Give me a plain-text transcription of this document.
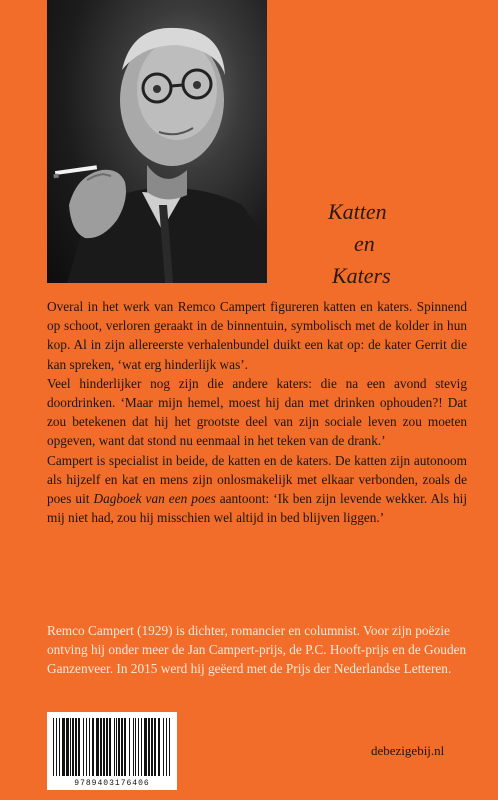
Katten
en
Katers

Overal in het werk van Remco Campert figureren katten en katers. Spinnend op schoot, verloren geraakt in de binnentuin, symbolisch met de kolder in hun kop. Al in zijn allereerste verhalenbundel duikt een kat op: de kater Gerrit die kan spreken, ‘wat erg hinderlijk was’.

Veel hinderlijker nog zijn die andere katers: die na een avond stevig doordrinken. ‘Maar mijn hemel, moest hij dan met drinken ophouden?! Dat zou betekenen dat hij het grootste deel van zijn sociale leven zou moeten opgeven, want dat stond nu eenmaal in het teken van de drank.’

Campert is specialist in beide, de katten en de katers. De katten zijn autonoom als hijzelf en kat en mens zijn onlosmakelijk met elkaar verbonden, zoals de poes uit Dagboek van een poes aantoont: ‘Ik ben zijn levende wekker. Als hij mij niet had, zou hij misschien wel altijd in bed blijven liggen.’

Remco Campert (1929) is dichter, romancier en columnist. Voor zijn poëzie ontving hij onder meer de Jan Campert-prijs, de P.C. Hooft-prijs en de Gouden Ganzenveer. In 2015 werd hij geëerd met de Prijs der Nederlandse Letteren.

9789403176406
debezigebij.nl
